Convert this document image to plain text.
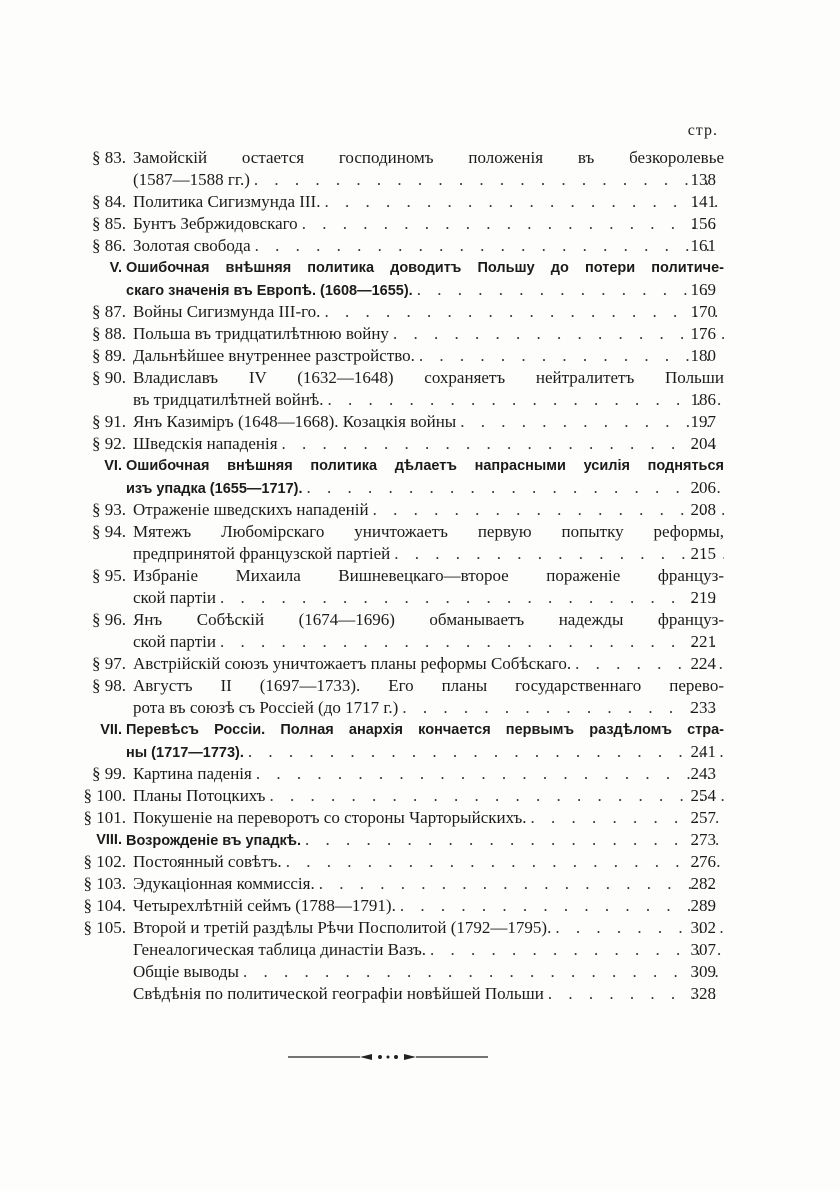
стр.
§ 83. Замойскій остается господиномъ положенія въ безкоролевье
(1587—1588 гг.) . . .	138
§ 84. Политика Сигизмунда III. . . .	141
§ 85. Бунтъ Зебржидовскаго . . .	156
§ 86. Золотая свобода . . .	161
V. Ошибочная внѣшняя политика доводитъ Польшу до потери политиче-
скаго значенія въ Европѣ. (1608—1655). . . .	169
§ 87. Войны Сигизмунда III-го. . . .	170
§ 88. Польша въ тридцатилѣтнюю войну . . .	176
§ 89. Дальнѣйшее внутреннее разстройство. . . .	180
§ 90. Владиславъ IV (1632—1648) сохраняетъ нейтралитетъ Польши
въ тридцатилѣтней войнѣ. . . .	186
§ 91. Янъ Казиміръ (1648—1668). Козацкія войны . . .	197
§ 92. Шведскія нападенія . . .	204
VI. Ошибочная внѣшняя политика дѣлаетъ напрасными усилія подняться
изъ упадка (1655—1717). . . .	206
§ 93. Отраженіе шведскихъ нападеній . . .	208
§ 94. Мятежъ Любомірскаго уничтожаетъ первую попытку реформы,
предпринятой французской партіей . . .	215
§ 95. Избраніе Михаила Вишневецкаго—второе пораженіе француз-
ской партіи . . .	219
§ 96. Янъ Собѣскій (1674—1696) обманываетъ надежды француз-
ской партіи . . .	221
§ 97. Австрійскій союзъ уничтожаетъ планы реформы Собѣскаго. . . .	224
§ 98. Августъ II (1697—1733). Его планы государственнаго перево-
рота въ союзѣ съ Россіей (до 1717 г.) . . .	233
VII. Перевѣсъ Россіи. Полная анархія кончается первымъ раздѣломъ стра-
ны (1717—1773). . . .	241
§ 99. Картина паденія . . .	243
§ 100. Планы Потоцкихъ . . .	254
§ 101. Покушеніе на переворотъ со стороны Чарторыйскихъ. . . .	257
VIII. Возрожденіе въ упадкѣ. . . .	273
§ 102. Постоянный совѣтъ. . . .	276
§ 103. Эдукаціонная коммиссія. . . .	282
§ 104. Четырехлѣтній сеймъ (1788—1791). . . .	289
§ 105. Второй и третій раздѣлы Рѣчи Посполитой (1792—1795). . . .	302
Генеалогическая таблица династіи Вазъ. . . .	307
Общіе выводы . . .	309
Свѣдѣнія по политической географіи новѣйшей Польши . . .	328
